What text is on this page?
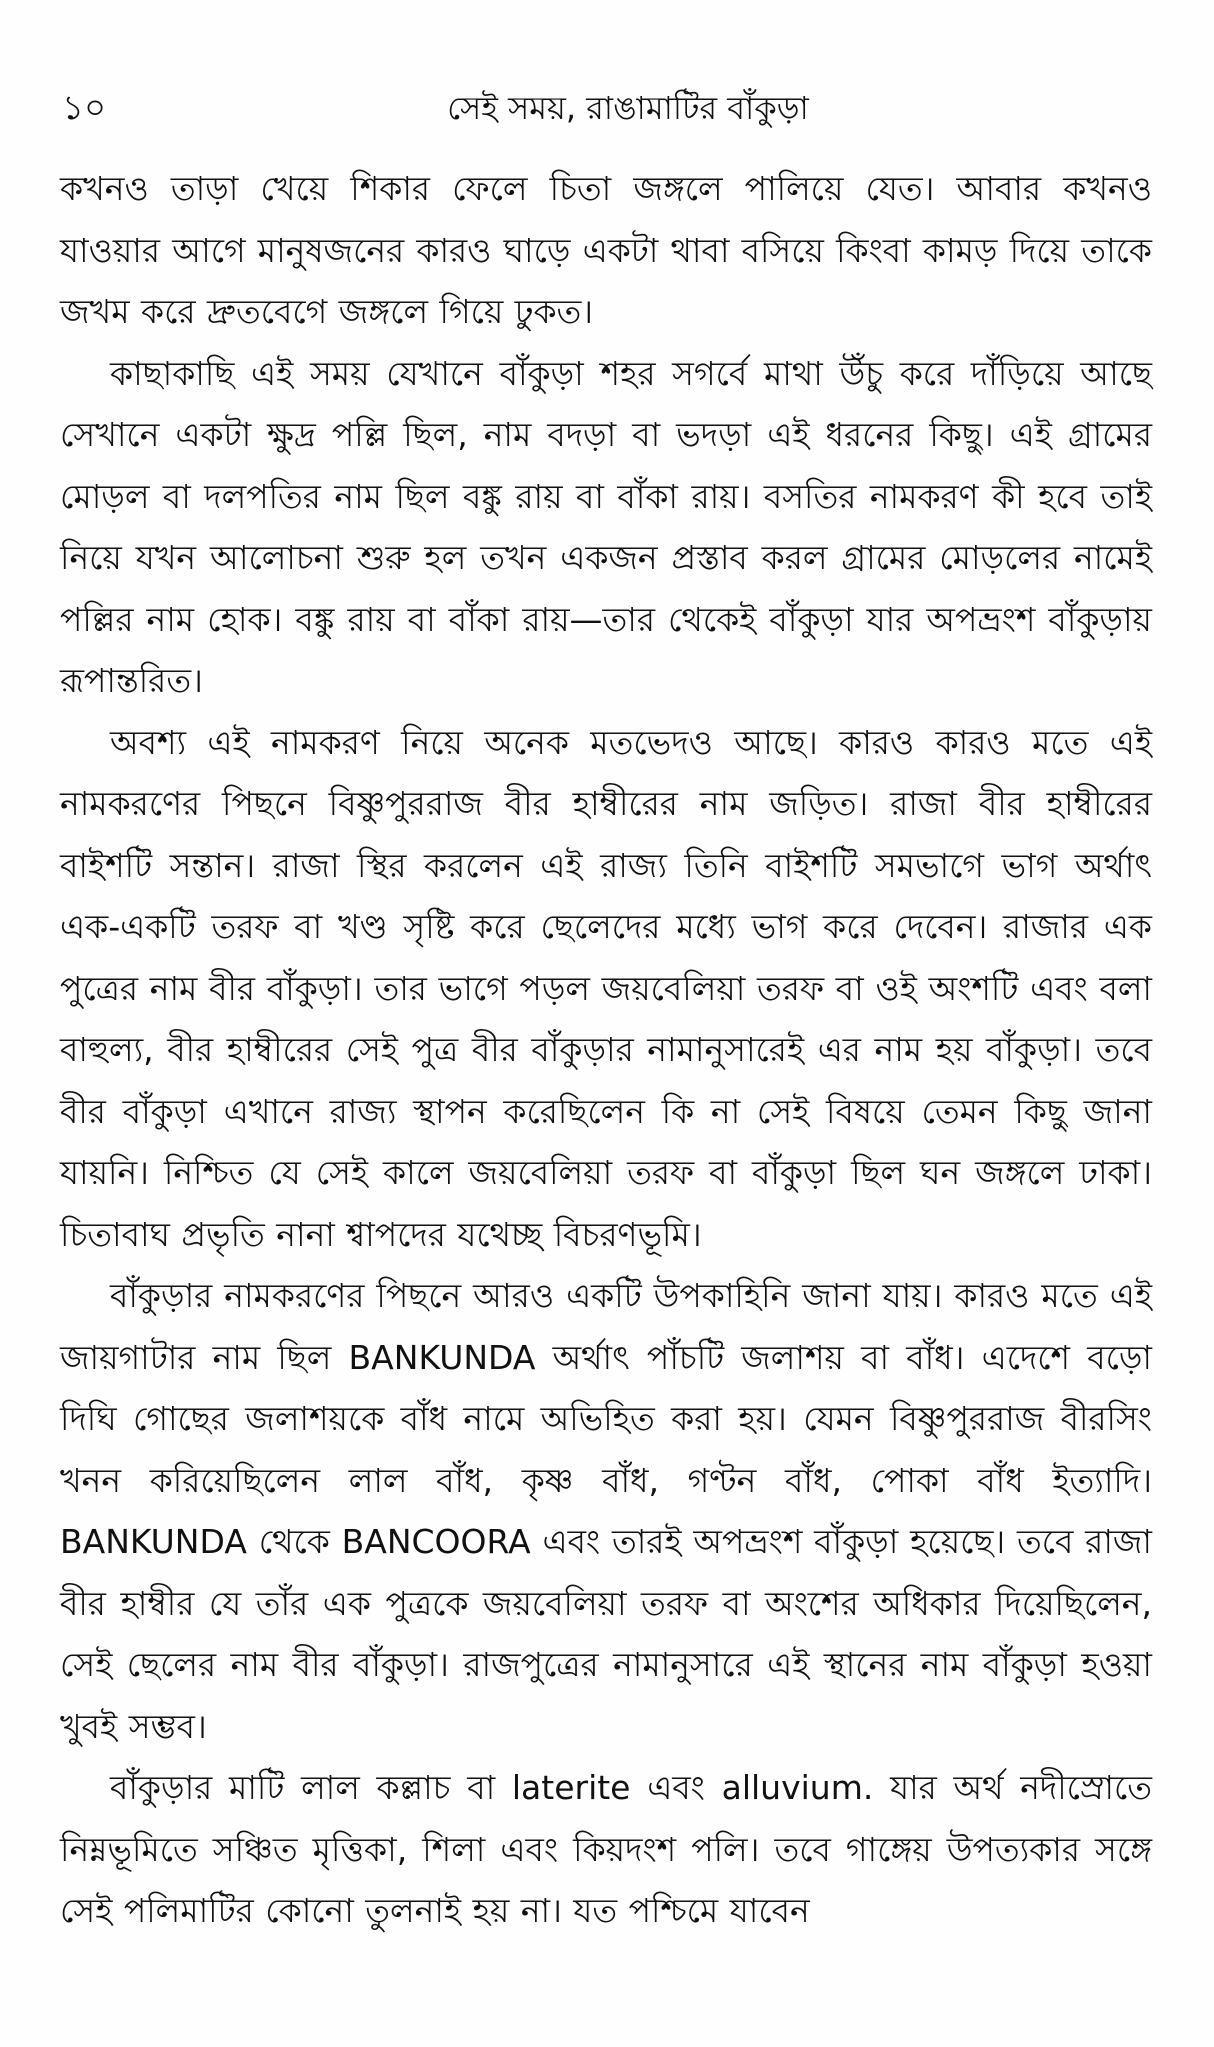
১০	সেই সময়, রাঙামাটির বাঁকুড়া

কখনও তাড়া খেয়ে শিকার ফেলে চিতা জঙ্গলে পালিয়ে যেত। আবার কখনও যাওয়ার আগে মানুষজনের কারও ঘাড়ে একটা থাবা বসিয়ে কিংবা কামড় দিয়ে তাকে জখম করে দ্রুতবেগে জঙ্গলে গিয়ে ঢুকত।

কাছাকাছি এই সময় যেখানে বাঁকুড়া শহর সগর্বে মাথা উঁচু করে দাঁড়িয়ে আছে সেখানে একটা ক্ষুদ্র পল্লি ছিল, নাম বদড়া বা ভদড়া এই ধরনের কিছু। এই গ্রামের মোড়ল বা দলপতির নাম ছিল বঙ্কু রায় বা বাঁকা রায়। বসতির নামকরণ কী হবে তাই নিয়ে যখন আলোচনা শুরু হল তখন একজন প্রস্তাব করল গ্রামের মোড়লের নামেই পল্লির নাম হোক। বঙ্কু রায় বা বাঁকা রায়—তার থেকেই বাঁকুড়া যার অপভ্রংশ বাঁকুড়ায় রূপান্তরিত।

অবশ্য এই নামকরণ নিয়ে অনেক মতভেদও আছে। কারও কারও মতে এই নামকরণের পিছনে বিষ্ণুপুররাজ বীর হাম্বীরের নাম জড়িত। রাজা বীর হাম্বীরের বাইশটি সন্তান। রাজা স্থির করলেন এই রাজ্য তিনি বাইশটি সমভাগে ভাগ অর্থাৎ এক-একটি তরফ বা খণ্ড সৃষ্টি করে ছেলেদের মধ্যে ভাগ করে দেবেন। রাজার এক পুত্রের নাম বীর বাঁকুড়া। তার ভাগে পড়ল জয়বেলিয়া তরফ বা ওই অংশটি এবং বলা বাহুল্য, বীর হাম্বীরের সেই পুত্র বীর বাঁকুড়ার নামানুসারেই এর নাম হয় বাঁকুড়া। তবে বীর বাঁকুড়া এখানে রাজ্য স্থাপন করেছিলেন কি না সেই বিষয়ে তেমন কিছু জানা যায়নি। নিশ্চিত যে সেই কালে জয়বেলিয়া তরফ বা বাঁকুড়া ছিল ঘন জঙ্গলে ঢাকা। চিতাবাঘ প্রভৃতি নানা শ্বাপদের যথেচ্ছ বিচরণভূমি।

বাঁকুড়ার নামকরণের পিছনে আরও একটি উপকাহিনি জানা যায়। কারও মতে এই জায়গাটার নাম ছিল BANKUNDA অর্থাৎ পাঁচটি জলাশয় বা বাঁধ। এদেশে বড়ো দিঘি গোছের জলাশয়কে বাঁধ নামে অভিহিত করা হয়। যেমন বিষ্ণুপুররাজ বীরসিং খনন করিয়েছিলেন লাল বাঁধ, কৃষ্ণ বাঁধ, গণ্টন বাঁধ, পোকা বাঁধ ইত্যাদি। BANKUNDA থেকে BANCOORA এবং তারই অপভ্রংশ বাঁকুড়া হয়েছে। তবে রাজা বীর হাম্বীর যে তাঁর এক পুত্রকে জয়বেলিয়া তরফ বা অংশের অধিকার দিয়েছিলেন, সেই ছেলের নাম বীর বাঁকুড়া। রাজপুত্রের নামানুসারে এই স্থানের নাম বাঁকুড়া হওয়া খুবই সম্ভব।

বাঁকুড়ার মাটি লাল কল্লাচ বা laterite এবং alluvium. যার অর্থ নদীস্রোতে নিম্নভূমিতে সঞ্চিত মৃত্তিকা, শিলা এবং কিয়দংশ পলি। তবে গাঙ্গেয় উপত্যকার সঙ্গে সেই পলিমাটির কোনো তুলনাই হয় না। যত পশ্চিমে যাবেন
